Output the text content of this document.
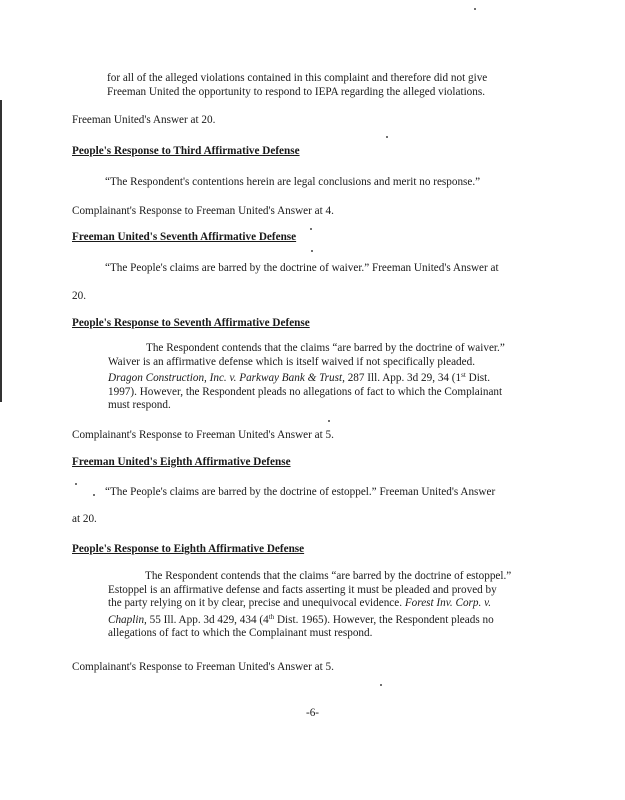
for all of the alleged violations contained in this complaint and therefore did not give
Freeman United the opportunity to respond to IEPA regarding the alleged violations.
Freeman United's Answer at 20.
People's Response to Third Affirmative Defense
“The Respondent's contentions herein are legal conclusions and merit no response.”
Complainant's Response to Freeman United's Answer at 4.
Freeman United's Seventh Affirmative Defense
“The People's claims are barred by the doctrine of waiver.” Freeman United's Answer at
20.
People's Response to Seventh Affirmative Defense
The Respondent contends that the claims “are barred by the doctrine of waiver.”
Waiver is an affirmative defense which is itself waived if not specifically pleaded.
Dragon Construction, Inc. v. Parkway Bank & Trust, 287 Ill. App. 3d 29, 34 (1st Dist.
1997). However, the Respondent pleads no allegations of fact to which the Complainant
must respond.
Complainant's Response to Freeman United's Answer at 5.
Freeman United's Eighth Affirmative Defense
“The People's claims are barred by the doctrine of estoppel.” Freeman United's Answer
at 20.
People's Response to Eighth Affirmative Defense
The Respondent contends that the claims “are barred by the doctrine of estoppel.”
Estoppel is an affirmative defense and facts asserting it must be pleaded and proved by
the party relying on it by clear, precise and unequivocal evidence. Forest Inv. Corp. v.
Chaplin, 55 Ill. App. 3d 429, 434 (4th Dist. 1965). However, the Respondent pleads no
allegations of fact to which the Complainant must respond.
Complainant's Response to Freeman United's Answer at 5.
-6-
